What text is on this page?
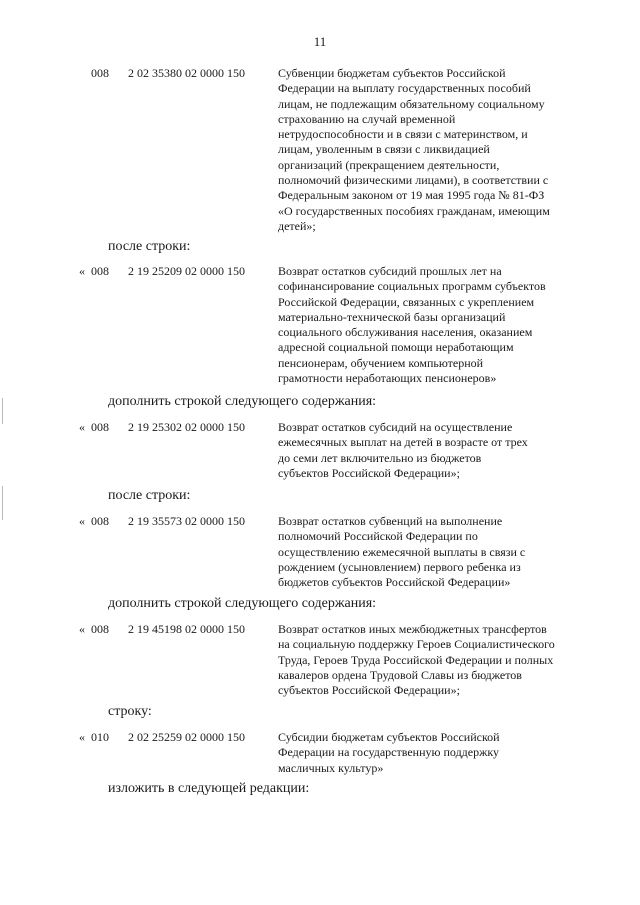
11
008 2 02 35380 02 0000 150	Субвенции бюджетам субъектов Российской
Федерации на выплату государственных пособий
лицам, не подлежащим обязательному социальному
страхованию на случай временной
нетрудоспособности и в связи с материнством, и
лицам, уволенным в связи с ликвидацией
организаций (прекращением деятельности,
полномочий физическими лицами), в соответствии с
Федеральным законом от 19 мая 1995 года № 81-ФЗ
«О государственных пособиях гражданам, имеющим
детей»;
после строки:
« 008 2 19 25209 02 0000 150	Возврат остатков субсидий прошлых лет на
софинансирование социальных программ субъектов
Российской Федерации, связанных с укреплением
материально-технической базы организаций
социального обслуживания населения, оказанием
адресной социальной помощи неработающим
пенсионерам, обучением компьютерной
грамотности неработающих пенсионеров»
дополнить строкой следующего содержания:
« 008 2 19 25302 02 0000 150	Возврат остатков субсидий на осуществление
ежемесячных выплат на детей в возрасте от трех
до семи лет включительно из бюджетов
субъектов Российской Федерации»;
после строки:
« 008 2 19 35573 02 0000 150	Возврат остатков субвенций на выполнение
полномочий Российской Федерации по
осуществлению ежемесячной выплаты в связи с
рождением (усыновлением) первого ребенка из
бюджетов субъектов Российской Федерации»
дополнить строкой следующего содержания:
« 008 2 19 45198 02 0000 150	Возврат остатков иных межбюджетных трансфертов
на социальную поддержку Героев Социалистического
Труда, Героев Труда Российской Федерации и полных
кавалеров ордена Трудовой Славы из бюджетов
субъектов Российской Федерации»;
строку:
« 010 2 02 25259 02 0000 150	Субсидии бюджетам субъектов Российской
Федерации на государственную поддержку
масличных культур»
изложить в следующей редакции:
